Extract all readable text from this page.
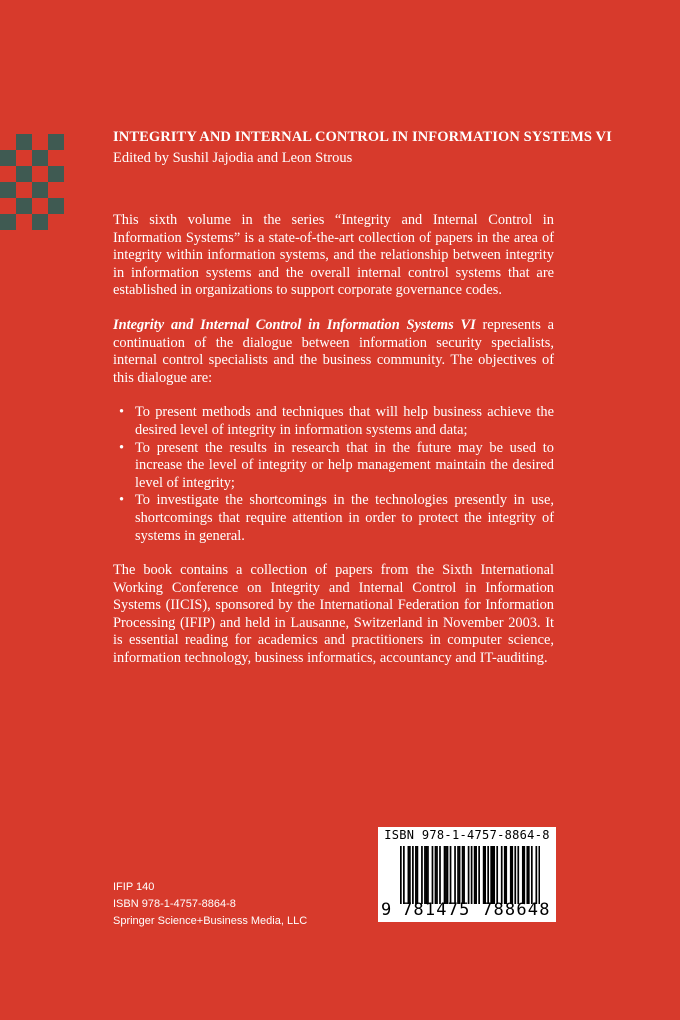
INTEGRITY AND INTERNAL CONTROL IN INFORMATION SYSTEMS VI
Edited by Sushil Jajodia and Leon Strous

This sixth volume in the series “Integrity and Internal Control in Information Systems” is a state-of-the-art collection of papers in the area of integrity within information systems, and the relationship between integrity in information systems and the overall internal control systems that are established in organizations to support corporate governance codes.

Integrity and Internal Control in Information Systems VI represents a continuation of the dialogue between information security specialists, internal control specialists and the business community. The objectives of this dialogue are:

• To present methods and techniques that will help business achieve the desired level of integrity in information systems and data;
• To present the results in research that in the future may be used to increase the level of integrity or help management maintain the desired level of integrity;
• To investigate the shortcomings in the technologies presently in use, shortcomings that require attention in order to protect the integrity of systems in general.

The book contains a collection of papers from the Sixth International Working Conference on Integrity and Internal Control in Information Systems (IICIS), sponsored by the International Federation for Information Processing (IFIP) and held in Lausanne, Switzerland in November 2003. It is essential reading for academics and practitioners in computer science, information technology, business informatics, accountancy and IT-auditing.

ISBN 978-1-4757-8864-8
9 781475 788648
IFIP 140
ISBN 978-1-4757-8864-8
Springer Science+Business Media, LLC
